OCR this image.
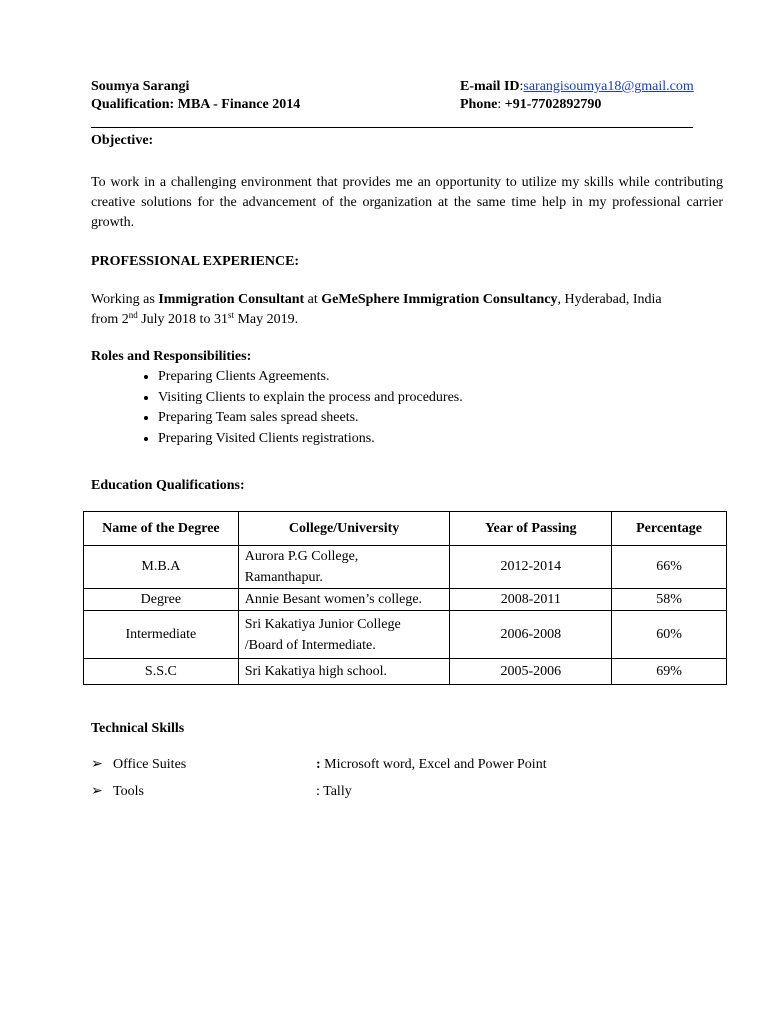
Soumya Sarangi
Qualification: MBA - Finance 2014
E-mail ID:sarangisoumya18@gmail.com
Phone: +91-7702892790
Objective:

To work in a challenging environment that provides me an opportunity to utilize my skills while contributing creative solutions for the advancement of the organization at the same time help in my professional carrier growth.

PROFESSIONAL EXPERIENCE:

Working as Immigration Consultant at GeMeSphere Immigration Consultancy, Hyderabad, India
from 2nd July 2018 to 31st May 2019.

Roles and Responsibilities:
• Preparing Clients Agreements.
• Visiting Clients to explain the process and procedures.
• Preparing Team sales spread sheets.
• Preparing Visited Clients registrations.
Education Qualifications:
Name of the Degree	College/University	Year of Passing	Percentage
M.B.A	Aurora P.G College,
Ramanthapur.	2012-2014	66%
Degree	Annie Besant women’s college.	2008-2011	58%
Intermediate	Sri Kakatiya Junior College
/Board of Intermediate.	2006-2008	60%
S.S.C	Sri Kakatiya high school.	2005-2006	69%
Technical Skills
➢ Office Suites	: Microsoft word, Excel and Power Point
➢ Tools	: Tally
